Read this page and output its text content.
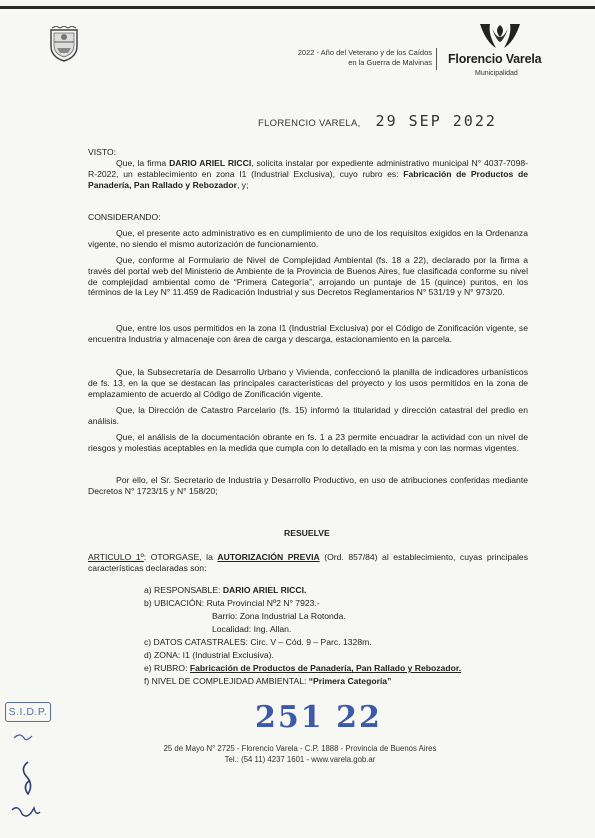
2022 - Año del Veterano y de los Caídos
en la Guerra de Malvinas Florencio Varela
Municipalidad
FLORENCIO VARELA, 29 SEP 2022
VISTO:
Que, la firma DARIO ARIEL RICCI, solicita instalar por expediente administrativo municipal N° 4037-7098-R-2022, un establecimiento en zona I1 (Industrial Exclusiva), cuyo rubro es: Fabricación de Productos de Panadería, Pan Rallado y Rebozador, y;
CONSIDERANDO:
Que, el presente acto administrativo es en cumplimiento de uno de los requisitos exigidos en la Ordenanza vigente, no siendo el mismo autorización de funcionamiento.
Que, conforme al Formulario de Nivel de Complejidad Ambiental (fs. 18 a 22), declarado por la firma a través del portal web del Ministerio de Ambiente de la Provincia de Buenos Aires, fue clasificada conforme su nivel de complejidad ambiental como de “Primera Categoría”, arrojando un puntaje de 15 (quince) puntos, en los términos de la Ley N° 11.459 de Radicación Industrial y sus Decretos Reglamentarios N° 531/19 y N° 973/20.
Que, entre los usos permitidos en la zona I1 (Industrial Exclusiva) por el Código de Zonificación vigente, se encuentra Industria y almacenaje con área de carga y descarga, estacionamiento en la parcela.
Que, la Subsecretaría de Desarrollo Urbano y Vivienda, confeccionó la planilla de indicadores urbanísticos de fs. 13, en la que se destacan las principales características del proyecto y los usos permitidos en la zona de emplazamiento de acuerdo al Código de Zonificación vigente.
Que, la Dirección de Catastro Parcelario (fs. 15) informó la titularidad y dirección catastral del predio en análisis.
Que, el análisis de la documentación obrante en fs. 1 a 23 permite encuadrar la actividad con un nivel de riesgos y molestias aceptables en la medida que cumpla con lo detallado en la misma y con las normas vigentes.
Por ello, el Sr. Secretario de Industria y Desarrollo Productivo, en uso de atribuciones conferidas mediante Decretos N° 1723/15 y N° 158/20;
RESUELVE
ARTICULO 1º: OTORGASE, la AUTORIZACIÓN PREVIA (Ord. 857/84) al establecimiento, cuyas principales características declaradas son:
a) RESPONSABLE: DARIO ARIEL RICCI.
b) UBICACIÓN: Ruta Provincial Nº2 N° 7923.-
Barrio: Zona Industrial La Rotonda.
Localidad: Ing. Allan.
c) DATOS CATASTRALES: Circ. V – Cód. 9 – Parc. 1328m.
d) ZONA: I1 (Industrial Exclusiva).
e) RUBRO: Fabricación de Productos de Panadería, Pan Rallado y Rebozador.
f) NIVEL DE COMPLEJIDAD AMBIENTAL: “Primera Categoría”
S.I.D.P.	251 22
25 de Mayo N° 2725 - Florencio Varela - C.P. 1888 - Provincia de Buenos Aires
Tel.: (54 11) 4237 1601 - www.varela.gob.ar
